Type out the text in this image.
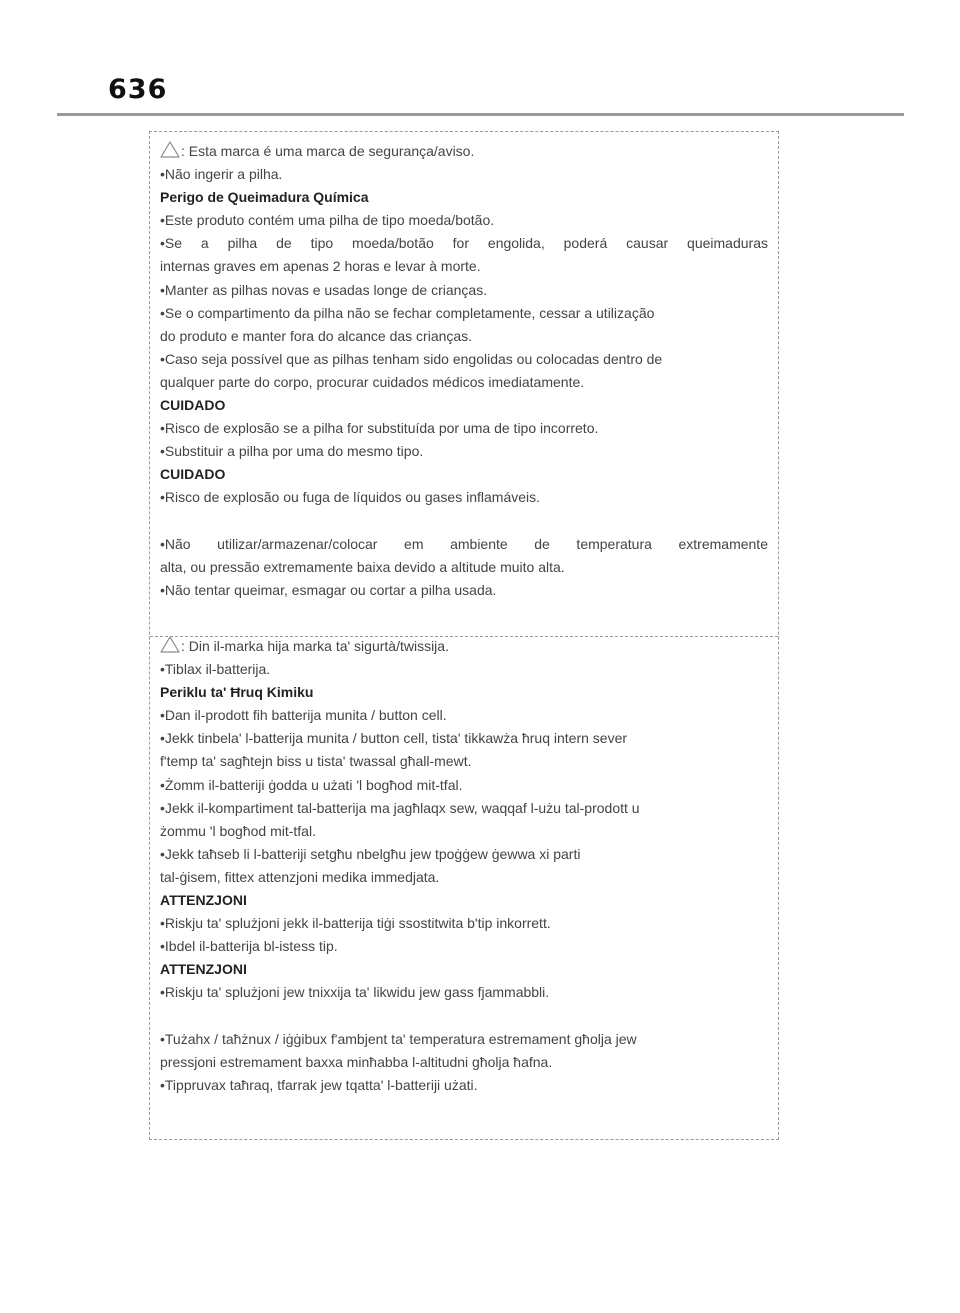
636
: Esta marca é uma marca de segurança/aviso.
•Não ingerir a pilha.
Perigo de Queimadura Química
•Este produto contém uma pilha de tipo moeda/botão.
•Se a pilha de tipo moeda/botão for engolida, poderá causar queimaduras
internas graves em apenas 2 horas e levar à morte.
•Manter as pilhas novas e usadas longe de crianças.
•Se o compartimento da pilha não se fechar completamente, cessar a utilização
do produto e manter fora do alcance das crianças.
•Caso seja possível que as pilhas tenham sido engolidas ou colocadas dentro de
qualquer parte do corpo, procurar cuidados médicos imediatamente.
CUIDADO
•Risco de explosão se a pilha for substituída por uma de tipo incorreto.
•Substituir a pilha por uma do mesmo tipo.
CUIDADO
•Risco de explosão ou fuga de líquidos ou gases inflamáveis.
•Não utilizar/armazenar/colocar em ambiente de temperatura extremamente
alta, ou pressão extremamente baixa devido a altitude muito alta.
•Não tentar queimar, esmagar ou cortar a pilha usada.
: Din il-marka hija marka ta' sigurtà/twissija.
•Tiblax il-batterija.
Periklu ta' Ħruq Kimiku
•Dan il-prodott fih batterija munita / button cell.
•Jekk tinbela' l-batterija munita / button cell, tista' tikkawża ħruq intern sever
f'temp ta' sagħtejn biss u tista' twassal għall-mewt.
•Żomm il-batteriji ġodda u użati 'l bogħod mit-tfal.
•Jekk il-kompartiment tal-batterija ma jagħlaqx sew, waqqaf l-użu tal-prodott u
żommu 'l bogħod mit-tfal.
•Jekk taħseb li l-batteriji setgħu nbelgħu jew tpoġġew ġewwa xi parti
tal-ġisem, fittex attenzjoni medika immedjata.
ATTENZJONI
•Riskju ta' splużjoni jekk il-batterija tiġi ssostitwita b'tip inkorrett.
•Ibdel il-batterija bl-istess tip.
ATTENZJONI
•Riskju ta' splużjoni jew tnixxija ta' likwidu jew gass fjammabbli.
•Tużahx / taħżnux / iġġibux f'ambjent ta' temperatura estremament għolja jew
pressjoni estremament baxxa minħabba l-altitudni għolja ħafna.
•Tippruvax taħraq, tfarrak jew tqatta' l-batteriji użati.
